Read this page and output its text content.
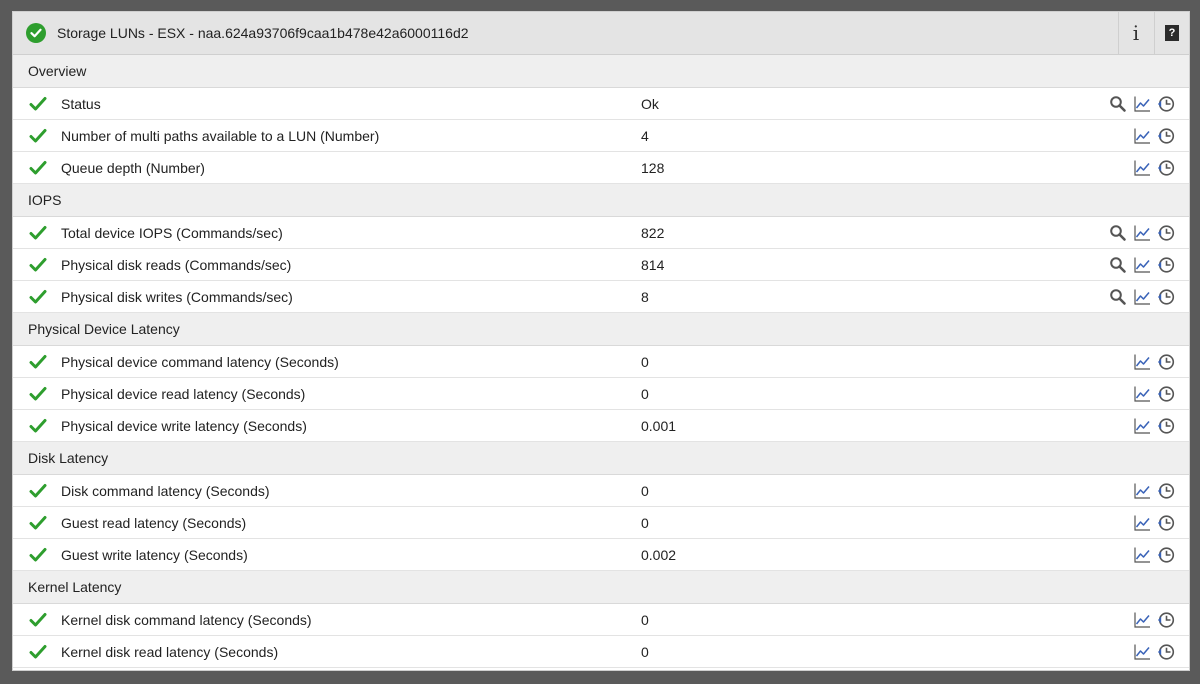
Storage LUNs - ESX - naa.624a93706f9caa1b478e42a6000116d2	i	?
Overview
Status	Ok
Number of multi paths available to a LUN (Number)	4
Queue depth (Number)	128
IOPS
Total device IOPS (Commands/sec)	822
Physical disk reads (Commands/sec)	814
Physical disk writes (Commands/sec)	8
Physical Device Latency
Physical device command latency (Seconds)	0
Physical device read latency (Seconds)	0
Physical device write latency (Seconds)	0.001
Disk Latency
Disk command latency (Seconds)	0
Guest read latency (Seconds)	0
Guest write latency (Seconds)	0.002
Kernel Latency
Kernel disk command latency (Seconds)	0
Kernel disk read latency (Seconds)	0
